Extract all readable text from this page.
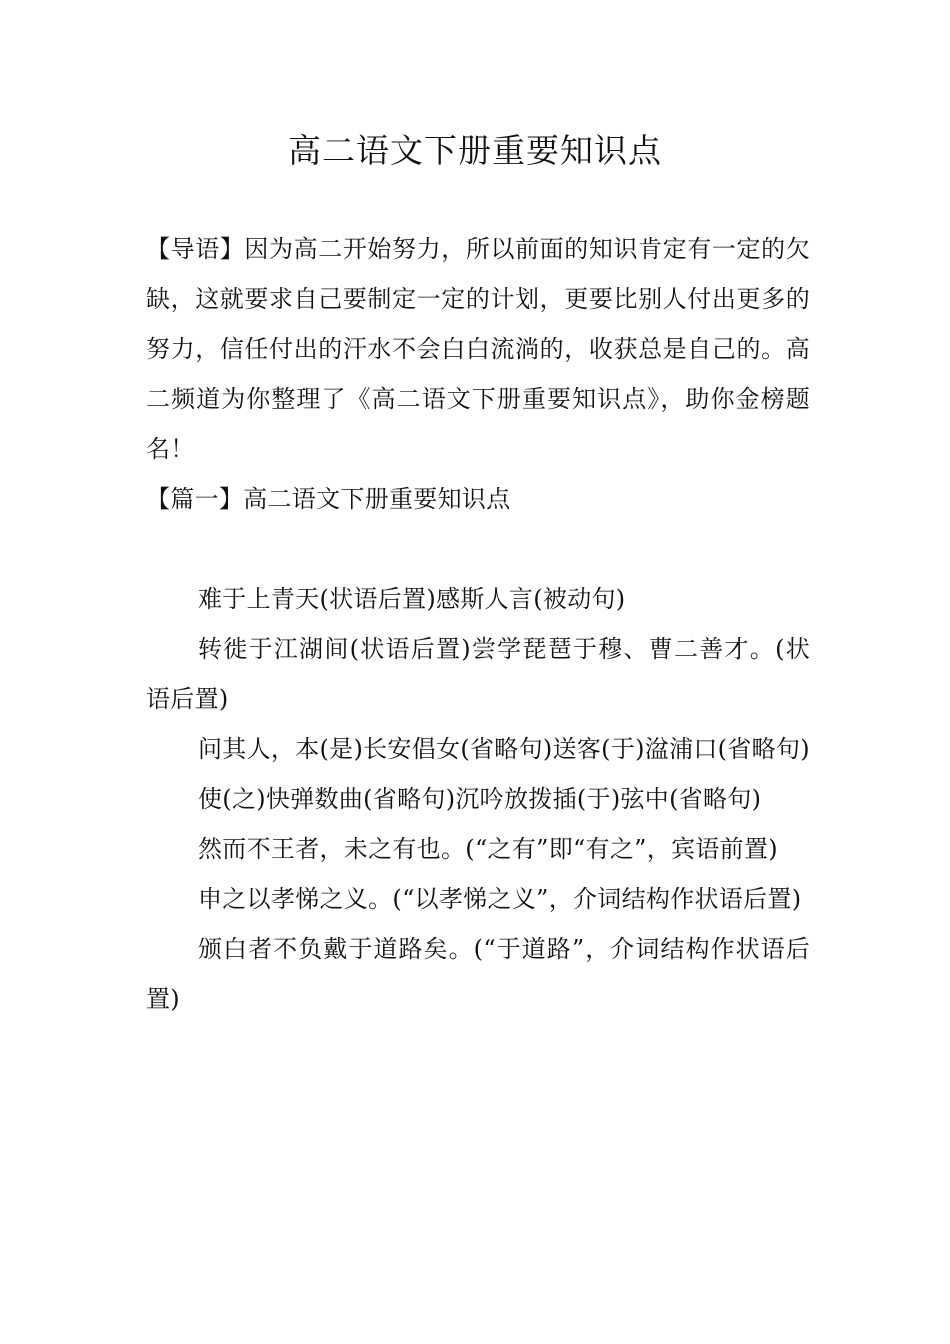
高二语文下册重要知识点

【导语】因为高二开始努力，所以前面的知识肯定有一定的欠缺，这就要求自己要制定一定的计划，更要比别人付出更多的努力，信任付出的汗水不会白白流淌的，收获总是自己的。高二频道为你整理了《高二语文下册重要知识点》，助你金榜题名！

【篇一】高二语文下册重要知识点

难于上青天(状语后置)感斯人言(被动句)

转徙于江湖间(状语后置)尝学琵琶于穆、曹二善才。(状语后置)

问其人，本(是)长安倡女(省略句)送客(于)湓浦口(省略句)

使(之)快弹数曲(省略句)沉吟放拨插(于)弦中(省略句)

然而不王者，未之有也。(“之有”即“有之”，宾语前置)

申之以孝悌之义。(“以孝悌之义”，介词结构作状语后置)

颁白者不负戴于道路矣。(“于道路”，介词结构作状语后置)
